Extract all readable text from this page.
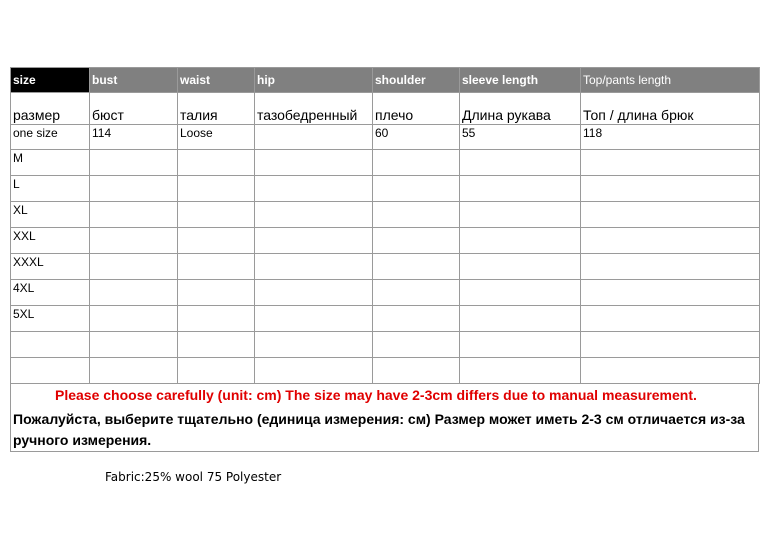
size	bust	waist	hip	shoulder	sleeve length	Top/pants length
размер	бюст	талия	тазобедренный	плечо	Длина рукава	Топ / длина брюк
one size	114	Loose		60	55	118
M						
L						
XL						
XXL						
XXXL						
4XL						
5XL						

Please choose carefully (unit: cm) The size may have 2-3cm differs due to manual measurement.
Пожалуйста, выберите тщательно (единица измерения: см) Размер может иметь 2-3 см отличается из-за ручного измерения.
Fabric:25% wool 75 Polyester
